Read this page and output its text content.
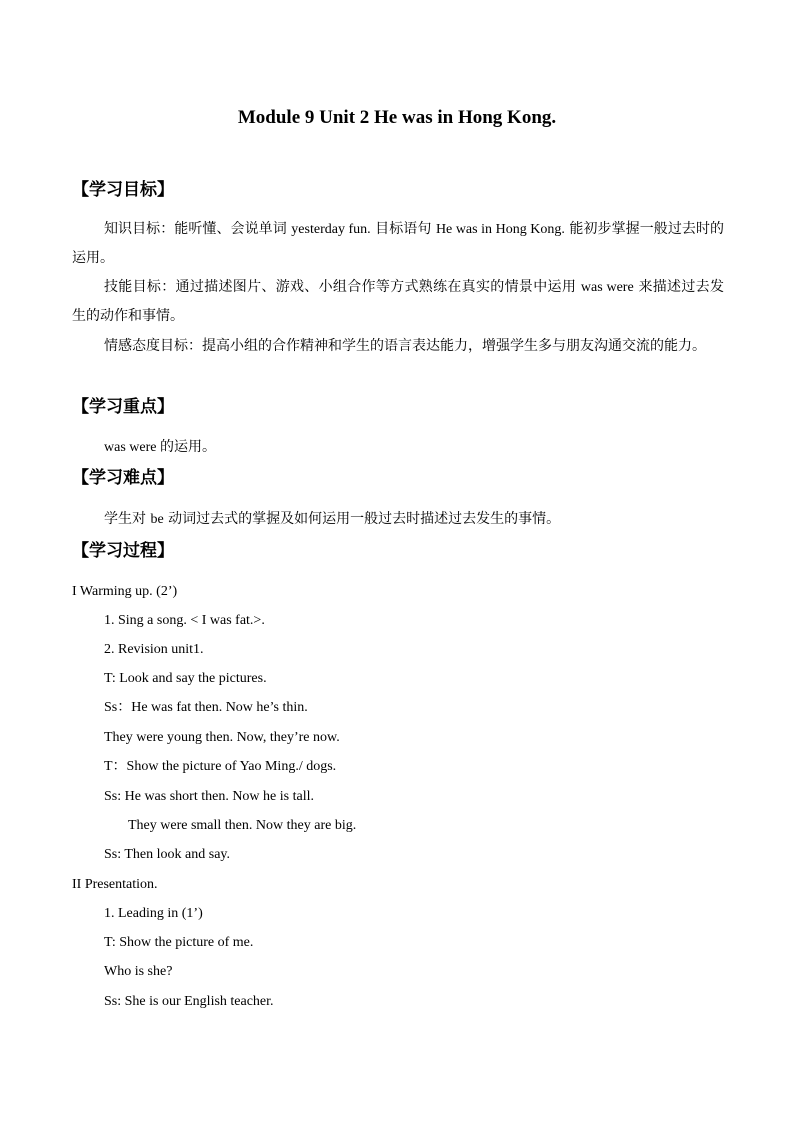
Module 9 Unit 2 He was in Hong Kong.
【学习目标】
知识目标：能听懂、会说单词 yesterday fun. 目标语句 He was in Hong Kong. 能初步掌握一般过去时的运用。
技能目标：通过描述图片、游戏、小组合作等方式熟练在真实的情景中运用 was were 来描述过去发生的动作和事情。
情感态度目标：提高小组的合作精神和学生的语言表达能力，增强学生多与朋友沟通交流的能力。
【学习重点】
was were 的运用。
【学习难点】
学生对 be 动词过去式的掌握及如何运用一般过去时描述过去发生的事情。
【学习过程】
I Warming up. (2’)
1. Sing a song. < I was fat.>.
2. Revision unit1.
T: Look and say the pictures.
Ss：He was fat then. Now he’s thin.
They were young then. Now, they’re now.
T：Show the picture of Yao Ming./ dogs.
Ss: He was short then. Now he is tall.
They were small then. Now they are big.
Ss: Then look and say.
II Presentation.
1. Leading in (1’)
T: Show the picture of me.
Who is she?
Ss: She is our English teacher.
